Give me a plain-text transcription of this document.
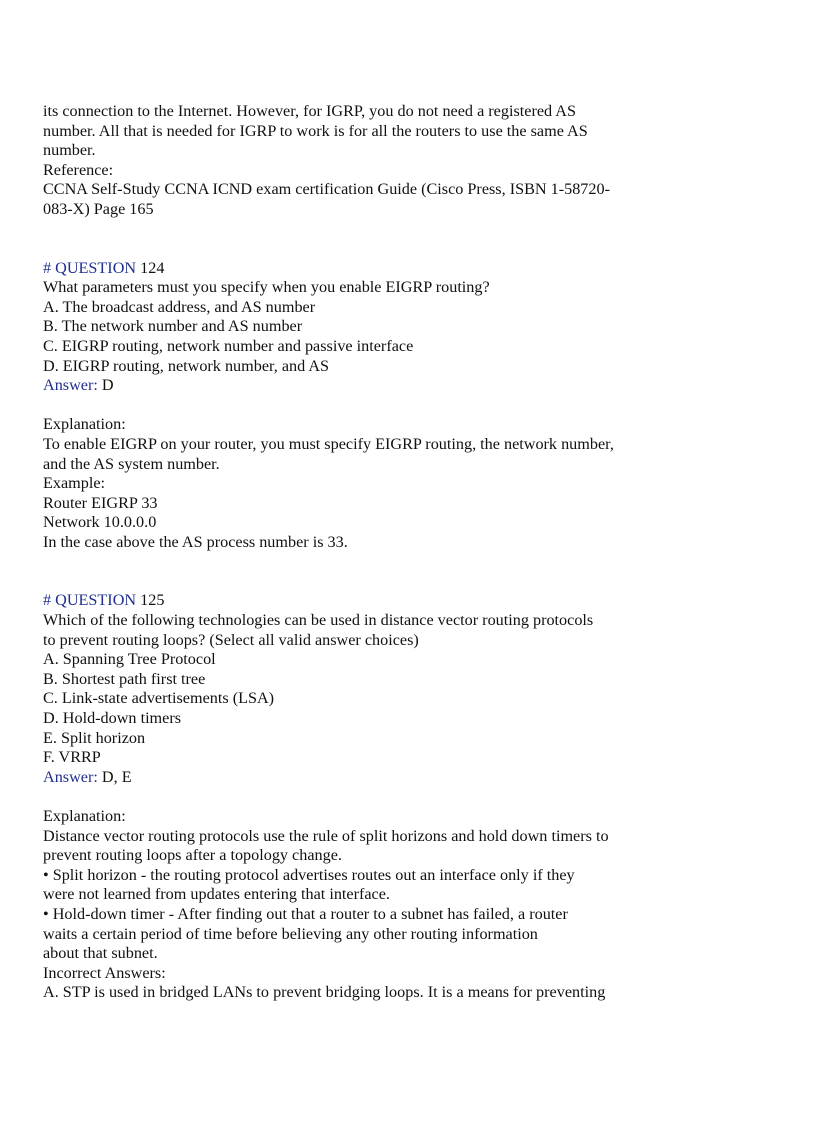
its connection to the Internet. However, for IGRP, you do not need a registered AS
number. All that is needed for IGRP to work is for all the routers to use the same AS
number.
Reference:
CCNA Self-Study CCNA ICND exam certification Guide (Cisco Press, ISBN 1-58720-
083-X) Page 165
# QUESTION 124
What parameters must you specify when you enable EIGRP routing?
A. The broadcast address, and AS number
B. The network number and AS number
C. EIGRP routing, network number and passive interface
D. EIGRP routing, network number, and AS
Answer: D
Explanation:
To enable EIGRP on your router, you must specify EIGRP routing, the network number,
and the AS system number.
Example:
Router EIGRP 33
Network 10.0.0.0
In the case above the AS process number is 33.
# QUESTION 125
Which of the following technologies can be used in distance vector routing protocols
to prevent routing loops? (Select all valid answer choices)
A. Spanning Tree Protocol
B. Shortest path first tree
C. Link-state advertisements (LSA)
D. Hold-down timers
E. Split horizon
F. VRRP
Answer: D, E
Explanation:
Distance vector routing protocols use the rule of split horizons and hold down timers to
prevent routing loops after a topology change.
• Split horizon - the routing protocol advertises routes out an interface only if they
were not learned from updates entering that interface.
• Hold-down timer - After finding out that a router to a subnet has failed, a router
waits a certain period of time before believing any other routing information
about that subnet.
Incorrect Answers:
A. STP is used in bridged LANs to prevent bridging loops. It is a means for preventing
